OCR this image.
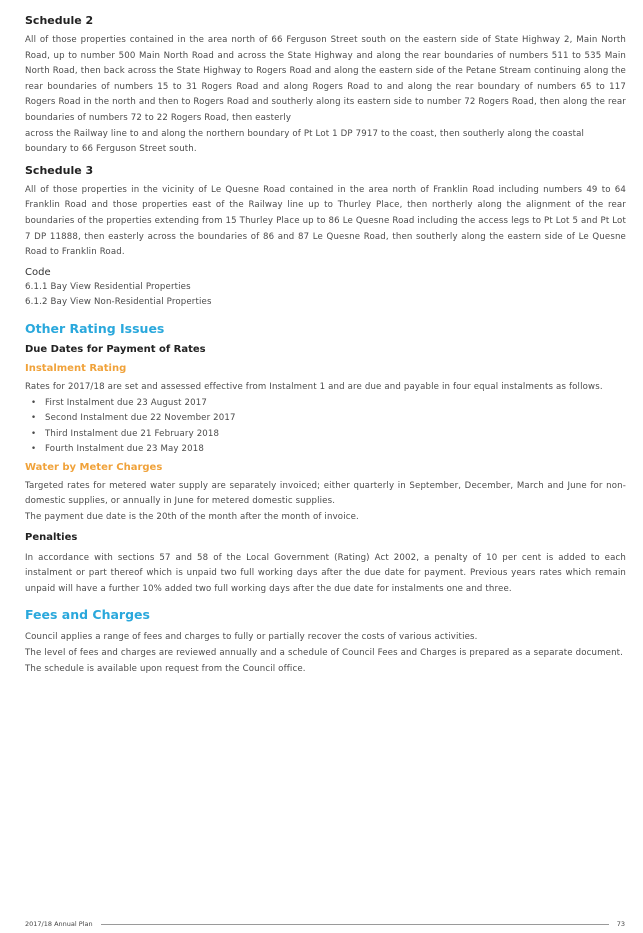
Schedule 2

All of those properties contained in the area north of 66 Ferguson Street south on the eastern side of State Highway 2, Main North Road, up to number 500 Main North Road and across the State Highway and along the rear boundaries of numbers 511 to 535 Main North Road, then back across the State Highway to Rogers Road and along the eastern side of the Petane Stream continuing along the rear boundaries of numbers 15 to 31 Rogers Road and along Rogers Road to and along the rear boundary of numbers 65 to 117 Rogers Road in the north and then to Rogers Road and southerly along its eastern side to number 72 Rogers Road, then along the rear boundaries of numbers 72 to 22 Rogers Road, then easterly

across the Railway line to and along the northern boundary of Pt Lot 1 DP 7917 to the coast, then southerly along the coastal boundary to 66 Ferguson Street south.

Schedule 3

All of those properties in the vicinity of Le Quesne Road contained in the area north of Franklin Road including numbers 49 to 64 Franklin Road and those properties east of the Railway line up to Thurley Place, then northerly along the alignment of the rear boundaries of the properties extending from 15 Thurley Place up to 86 Le Quesne Road including the access legs to Pt Lot 5 and Pt Lot 7 DP 11888, then easterly across the boundaries of 86 and 87 Le Quesne Road, then southerly along the eastern side of Le Quesne Road to Franklin Road.

Code

6.1.1 Bay View Residential Properties

6.1.2 Bay View Non-Residential Properties

Other Rating Issues
Due Dates for Payment of Rates
Instalment Rating

Rates for 2017/18 are set and assessed effective from Instalment 1 and are due and payable in four equal instalments as follows.

• First Instalment due 23 August 2017
• Second Instalment due 22 November 2017
• Third Instalment due 21 February 2018
• Fourth Instalment due 23 May 2018
Water by Meter Charges

Targeted rates for metered water supply are separately invoiced; either quarterly in September, December, March and June for non-domestic supplies, or annually in June for metered domestic supplies.

The payment due date is the 20th of the month after the month of invoice.

Penalties

In accordance with sections 57 and 58 of the Local Government (Rating) Act 2002, a penalty of 10 per cent is added to each instalment or part thereof which is unpaid two full working days after the due date for payment. Previous years rates which remain unpaid will have a further 10% added two full working days after the due date for instalments one and three.

Fees and Charges

Council applies a range of fees and charges to fully or partially recover the costs of various activities.

The level of fees and charges are reviewed annually and a schedule of Council Fees and Charges is prepared as a separate document.

The schedule is available upon request from the Council office.

2017/18 Annual Plan	73
